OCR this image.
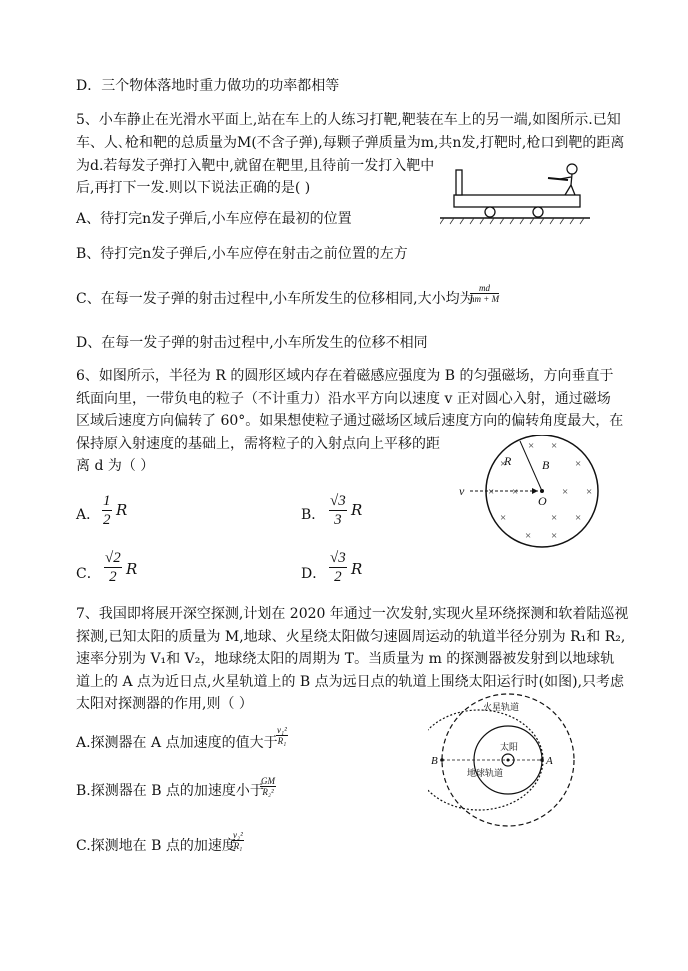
D．三个物体落地时重力做功的功率都相等
5、小车静止在光滑水平面上,站在车上的人练习打靶,靶装在车上的另一端,如图所示.已知
车、人､枪和靶的总质量为M(不含子弹),每颗子弹质量为m,共n发,打靶时,枪口到靶的距离
为d.若每发子弹打入靶中,就留在靶里,且待前一发打入靶中
后,再打下一发.则以下说法正确的是( )
A、待打完n发子弹后,小车应停在最初的位置
B、待打完n发子弹后,小车应停在射击之前位置的左方
C、在每一发子弹的射击过程中,小车所发生的位移相同,大小均为
$\frac{md}{nm + M}$
D、在每一发子弹的射击过程中,小车所发生的位移不相同
6、如图所示，半径为 R 的圆形区域内存在着磁感应强度为 B 的匀强磁场，方向垂直于
纸面向里，一带负电的粒子（不计重力）沿水平方向以速度 v 正对圆心入射，通过磁场
区域后速度方向偏转了 60°。如果想使粒子通过磁场区域后速度方向的偏转角度最大，在
保持原入射速度的基础上，需将粒子的入射点向上平移的距
离 d 为（ ）
× ×
×	×
× ×	× ×
×	× ×
× ×
R	B
v
O
A． $\frac{1}{2}$ R	B． $\frac{√3}{3}$ R
C． $\frac{√2}{2}$ R	D． $\frac{√3}{2}$ R
7、我国即将展开深空探测,计划在 2020 年通过一次发射,实现火星环绕探测和软着陆巡视
探测,已知太阳的质量为 M,地球、火星绕太阳做匀速圆周运动的轨道半径分别为 R₁和 R₂,
速率分别为 V₁和 V₂，地球绕太阳的周期为 T。当质量为 m 的探测器被发射到以地球轨
道上的 A 点为近日点,火星轨道上的 B 点为远日点的轨道上围绕太阳运行时(如图),只考虑
太阳对探测器的作用,则（ ）	火星轨道
太阳
地球轨道
A
B
A.探测器在 A 点加速度的值大于
$\frac{\text{v₁²}}{\text{R₁}}$
B.探测器在 B 点的加速度小于
$\frac{GM}{\text{R₂²}}$
C.探测地在 B 点的加速度
$\frac{\text{v₂²}}{\text{R₁}}$
